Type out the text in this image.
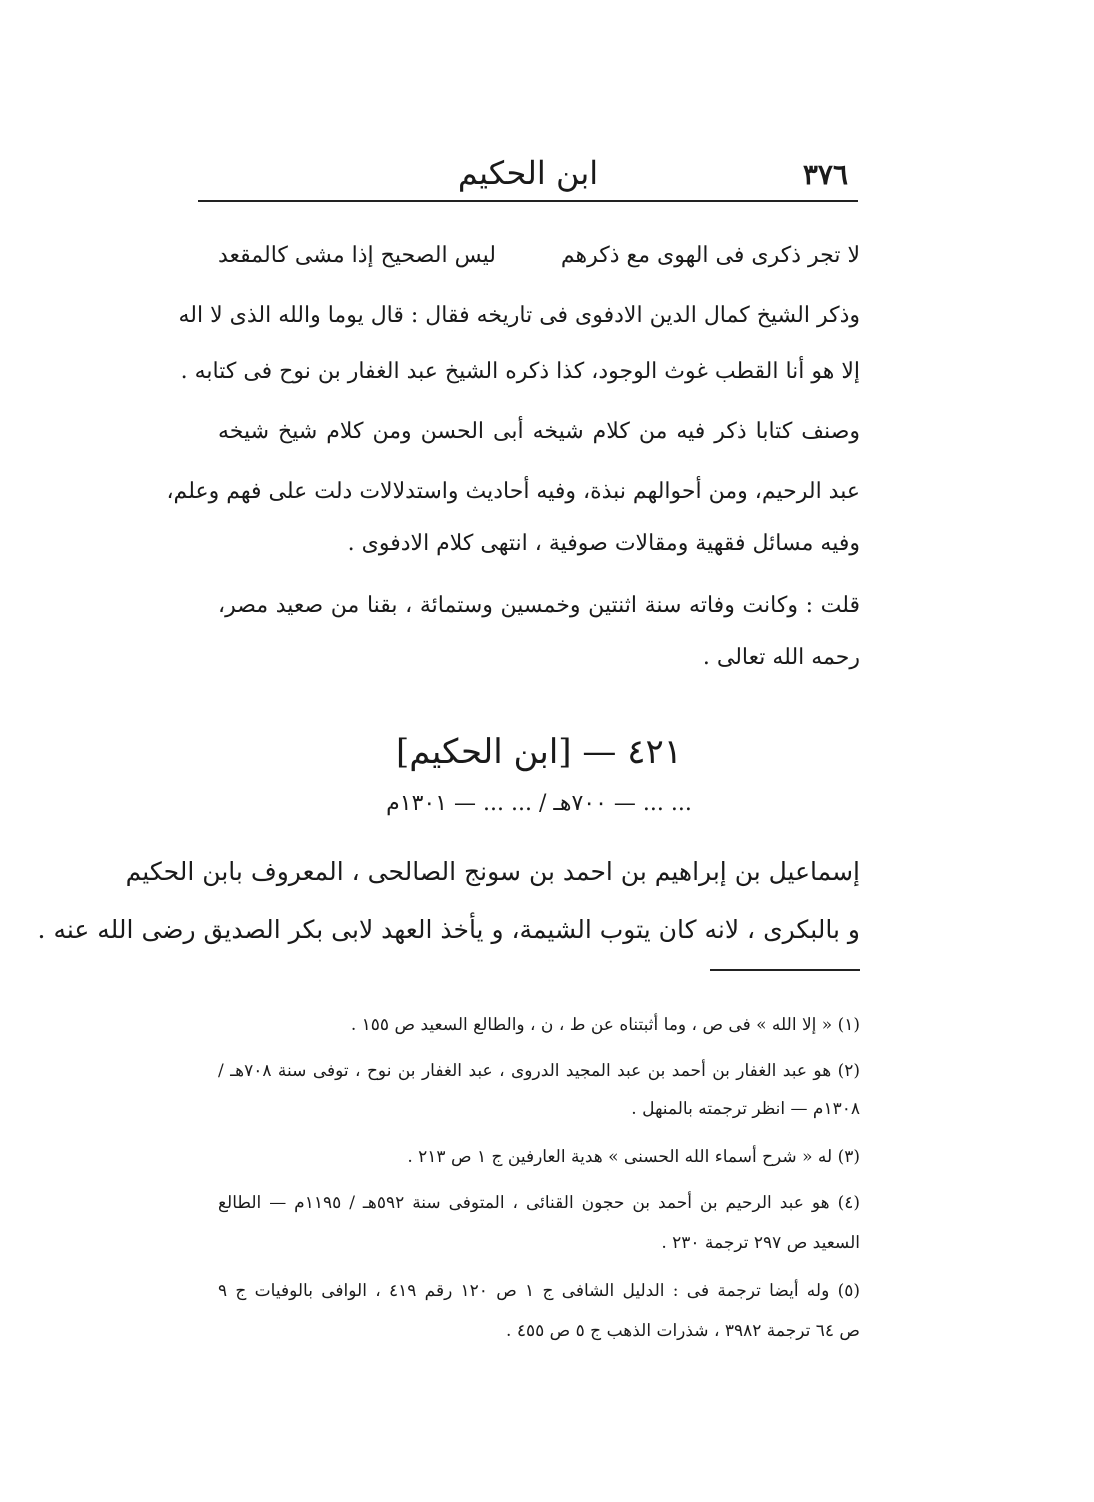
٣٧٦
ابن الحكيم
لا تجر ذكرى فى الهوى مع ذكرهم
ليس الصحيح إذا مشى كالمقعد
وذكر الشيخ كمال الدين الادفوى فى تاريخه فقال : قال يوما والله الذى لا اله
إلا هو أنا القطب غوث الوجود، كذا ذكره الشيخ عبد الغفار بن نوح فى كتابه .
وصنف كتابا ذكر فيه من كلام شيخه أبى الحسن ومن كلام شيخ شيخه
عبد الرحيم، ومن أحوالهم نبذة، وفيه أحاديث واستدلالات دلت على فهم وعلم،
وفيه مسائل فقهية ومقالات صوفية ، انتهى كلام الادفوى .
قلت : وكانت وفاته سنة اثنتين وخمسين وستمائة ، بقنا من صعيد مصر،
رحمه الله تعالى .
٤٢١ — [ابن الحكيم]
... ... — ٧٠٠هـ / ... ... — ١٣٠١م
إسماعيل بن إبراهيم بن احمد بن سونج الصالحى ، المعروف بابن الحكيم
و بالبكرى ، لانه كان يتوب الشيمة، و يأخذ العهد لابى بكر الصديق رضى الله عنه .
(١) « إلا الله » فى ص ، وما أثبتناه عن ط ، ن ، والطالع السعيد ص ١٥٥ .
(٢) هو عبد الغفار بن أحمد بن عبد المجيد الدروى ، عبد الغفار بن نوح ، توفى سنة ٧٠٨هـ /
١٣٠٨م — انظر ترجمته بالمنهل .
(٣) له « شرح أسماء الله الحسنى » هدية العارفين ج ١ ص ٢١٣ .
(٤) هو عبد الرحيم بن أحمد بن حجون القنائى ، المتوفى سنة ٥٩٢هـ / ١١٩٥م — الطالع
السعيد ص ٢٩٧ ترجمة ٢٣٠ .
(٥) وله أيضا ترجمة فى : الدليل الشافى ج ١ ص ١٢٠ رقم ٤١٩ ، الوافى بالوفيات ج ٩
ص ٦٤ ترجمة ٣٩٨٢ ، شذرات الذهب ج ٥ ص ٤٥٥ .
